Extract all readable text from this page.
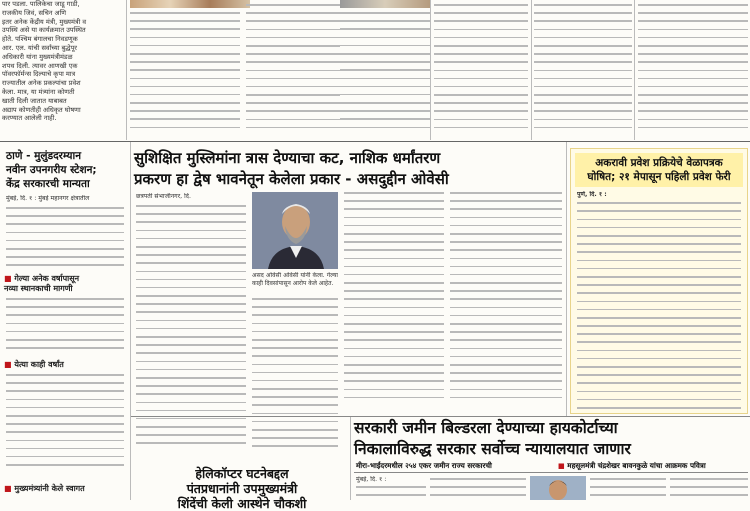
पार पडला. पालिकेचा जाडू गाडी,
राजकीय जिवं, सचिन अणि
इतर अनेक केंद्रीय मंत्री, मुख्यमंत्री व
उपस्थि असे या कार्यक्रमात उपस्थित
होते. पश्चिम बंगालचा निवडणूक
आर. एल. यांची सर्वांच्या बुद्धेपूर
अधिकारी यांना मुख्यमंत्रीमंडळ
शपथ दिली. त्यावर आणखी एक
पॉवरफॉर्मन्स दिल्याचे कृपा मात्र
राज्यातील अनेक प्रकल्पांचा प्रवेश
केला. मात्र, या मंत्र्यांना कोणती
खाती दिली जातात याबाबत
अद्याप कोणतीही अधिकृत घोषणा
करण्यात आलेली नाही.
ठाणे - मुलुंडदरम्यान
नवीन उपनगरीय स्टेशन;
केंद्र सरकारची मान्यता
मुंबई, दि. १ : मुंबई महानगर क्षेत्रातील
■ गेल्या अनेक वर्षापासून
नव्या स्थानकाची मागणी
■ येत्या काही वर्षांत
■ मुख्यमंत्र्यांनी केले स्वागत
सुशिक्षित मुस्लिमांना त्रास देण्याचा कट, नाशिक धर्मांतरण
प्रकरण हा द्वेष भावनेतून केलेला प्रकार - असदुद्दीन ओवेसी
छत्रपती संभाजीनगर, दि.
असद ओवेसी ओवेसी यांनी केला. गेल्या काही दिवसांपासून आरोप केले आहेत.
अकरावी प्रवेश प्रक्रियेचे वेळापत्रक
घोषित; २१ मेपासून पहिली प्रवेश फेरी
पुणे, दि. १ :
हेलिकॉप्टर घटनेबद्दल
पंतप्रधानांनी उपमुख्यमंत्री
शिंदेंची केली आस्थेने चौकशी
सरकारी जमीन बिल्डरला देण्याच्या हायकोर्टाच्या
निकालाविरुद्ध सरकार सर्वोच्च न्यायालयात जाणार
मीरा-भाईंदरमधील २५४ एकर जमीन राज्य सरकारची	■ महसूलमंत्री चंद्रशेखर बावनकुळे यांचा आक्रमक पवित्रा
मुंबई, दि. १ :
